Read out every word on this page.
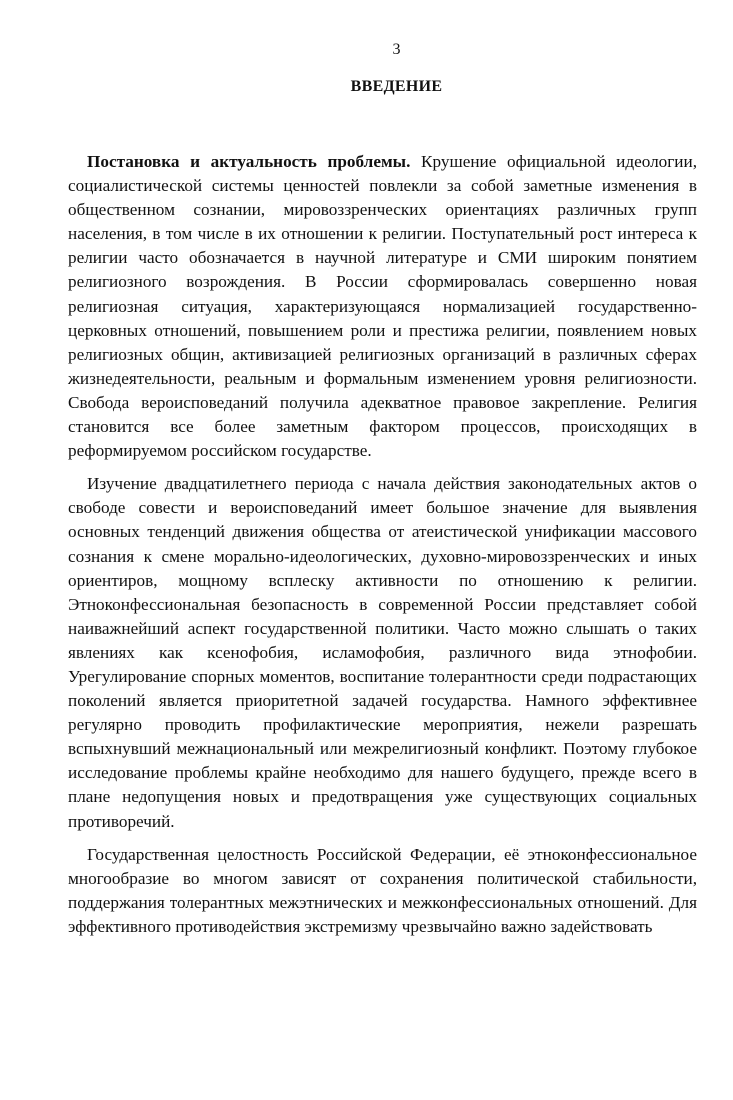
3
ВВЕДЕНИЕ

Постановка и актуальность проблемы. Крушение официальной идеологии, социалистической системы ценностей повлекли за собой заметные изменения в общественном сознании, мировоззренческих ориентациях различных групп населения, в том числе в их отношении к религии. Поступательный рост интереса к религии часто обозначается в научной литературе и СМИ широким понятием религиозного возрождения. В России сформировалась совершенно новая религиозная ситуация, характеризующаяся нормализацией государственно-церковных отношений, повышением роли и престижа религии, появлением новых религиозных общин, активизацией религиозных организаций в различных сферах жизнедеятельности, реальным и формальным изменением уровня религиозности. Свобода вероисповеданий получила адекватное правовое закрепление. Религия становится все более заметным фактором процессов, происходящих в реформируемом российском государстве.

Изучение двадцатилетнего периода с начала действия законодательных актов о свободе совести и вероисповеданий имеет большое значение для выявления основных тенденций движения общества от атеистической унификации массового сознания к смене морально-идеологических, духовно-мировоззренческих и иных ориентиров, мощному всплеску активности по отношению к религии. Этноконфессиональная безопасность в современной России представляет собой наиважнейший аспект государственной политики. Часто можно слышать о таких явлениях как ксенофобия, исламофобия, различного вида этнофобии. Урегулирование спорных моментов, воспитание толерантности среди подрастающих поколений является приоритетной задачей государства. Намного эффективнее регулярно проводить профилактические мероприятия, нежели разрешать вспыхнувший межнациональный или межрелигиозный конфликт. Поэтому глубокое исследование проблемы крайне необходимо для нашего будущего, прежде всего в плане недопущения новых и предотвращения уже существующих социальных противоречий.

Государственная целостность Российской Федерации, её этноконфессиональное многообразие во многом зависят от сохранения политической стабильности, поддержания толерантных межэтнических и межконфессиональных отношений. Для эффективного противодействия экстремизму чрезвычайно важно задействовать
